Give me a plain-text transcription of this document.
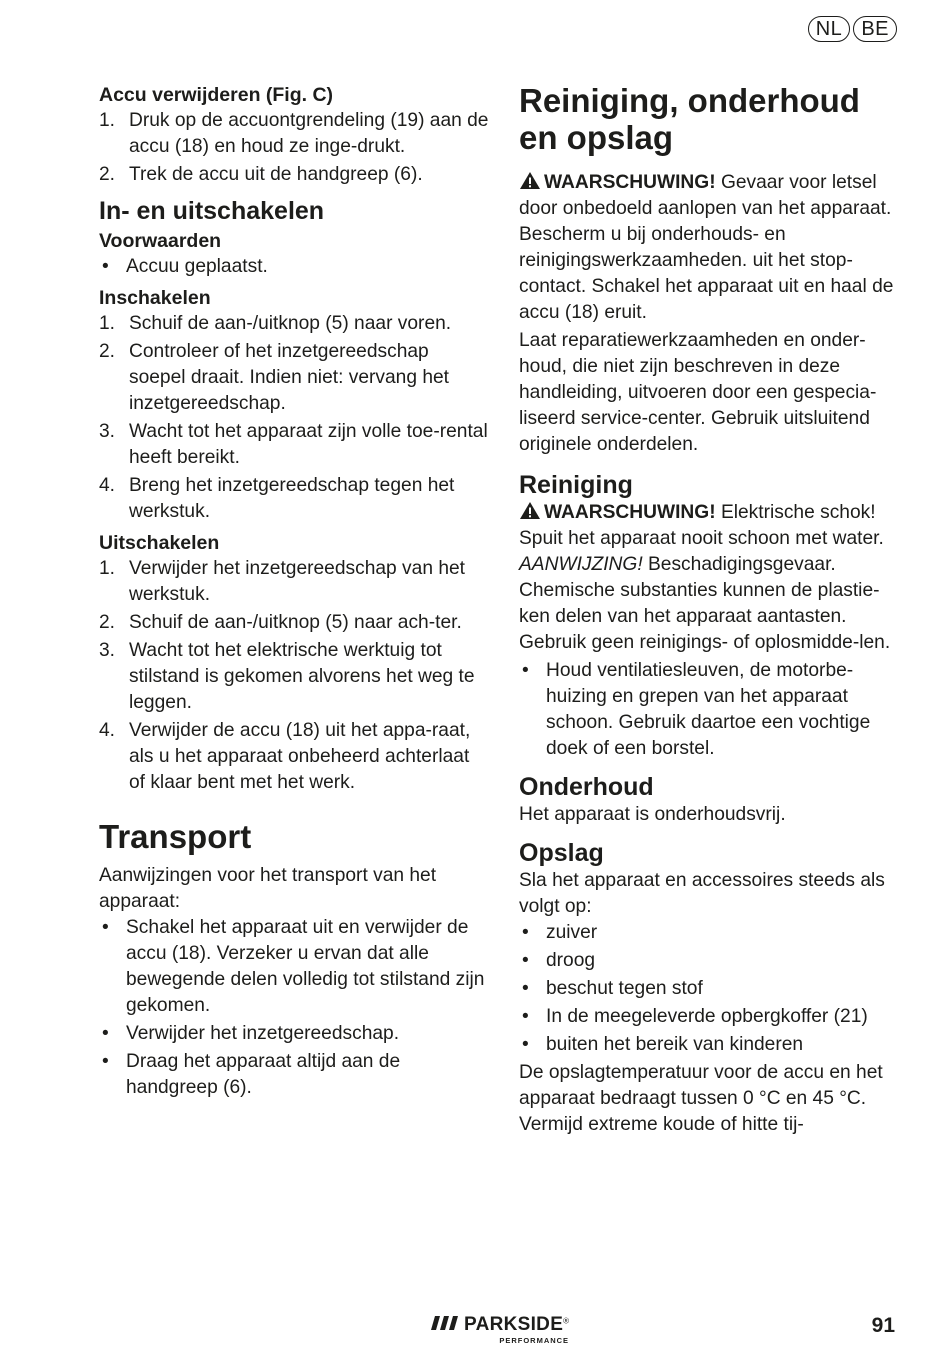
NL BE
Accu verwijderen (Fig. C)
1. Druk op de accuontgrendeling (19) aan de accu (18) en houd ze inge-drukt.
2. Trek de accu uit de handgreep (6).
In- en uitschakelen
Voorwaarden
• Accuu geplaatst.
Inschakelen
1. Schuif de aan-/uitknop (5) naar voren.
2. Controleer of het inzetgereedschap soepel draait. Indien niet: vervang het inzetgereedschap.
3. Wacht tot het apparaat zijn volle toe-rental heeft bereikt.
4. Breng het inzetgereedschap tegen het werkstuk.
Uitschakelen
1. Verwijder het inzetgereedschap van het werkstuk.
2. Schuif de aan-/uitknop (5) naar ach-ter.
3. Wacht tot het elektrische werktuig tot stilstand is gekomen alvorens het weg te leggen.
4. Verwijder de accu (18) uit het appa-raat, als u het apparaat onbeheerd achterlaat of klaar bent met het werk.
Transport

Aanwijzingen voor het transport van het apparaat:

• Schakel het apparaat uit en verwijder de accu (18). Verzeker u ervan dat alle bewegende delen volledig tot stilstand zijn gekomen.
• Verwijder het inzetgereedschap.
• Draag het apparaat altijd aan de handgreep (6).
Reiniging, onderhoud en opslag

WAARSCHUWING! Gevaar voor letsel door onbedoeld aanlopen van het apparaat. Bescherm u bij onderhouds- en reinigingswerkzaamheden. uit het stop-contact. Schakel het apparaat uit en haal de accu (18) eruit.

Laat reparatiewerkzaamheden en onder-houd, die niet zijn beschreven in deze handleiding, uitvoeren door een gespecia-liseerd service-center. Gebruik uitsluitend originele onderdelen.

Reiniging

WAARSCHUWING! Elektrische schok! Spuit het apparaat nooit schoon met water.

AANWIJZING! Beschadigingsgevaar. Chemische substanties kunnen de plastie-ken delen van het apparaat aantasten. Gebruik geen reinigings- of oplosmidde-len.

• Houd ventilatiesleuven, de motorbe-huizing en grepen van het apparaat schoon. Gebruik daartoe een vochtige doek of een borstel.
Onderhoud

Het apparaat is onderhoudsvrij.

Opslag

Sla het apparaat en accessoires steeds als volgt op:

• zuiver
• droog
• beschut tegen stof
• In de meegeleverde opbergkoffer (21)
• buiten het bereik van kinderen

De opslagtemperatuur voor de accu en het apparaat bedraagt tussen 0 °C en 45 °C. Vermijd extreme koude of hitte tij-

PARKSIDE®
PERFORMANCE
91
